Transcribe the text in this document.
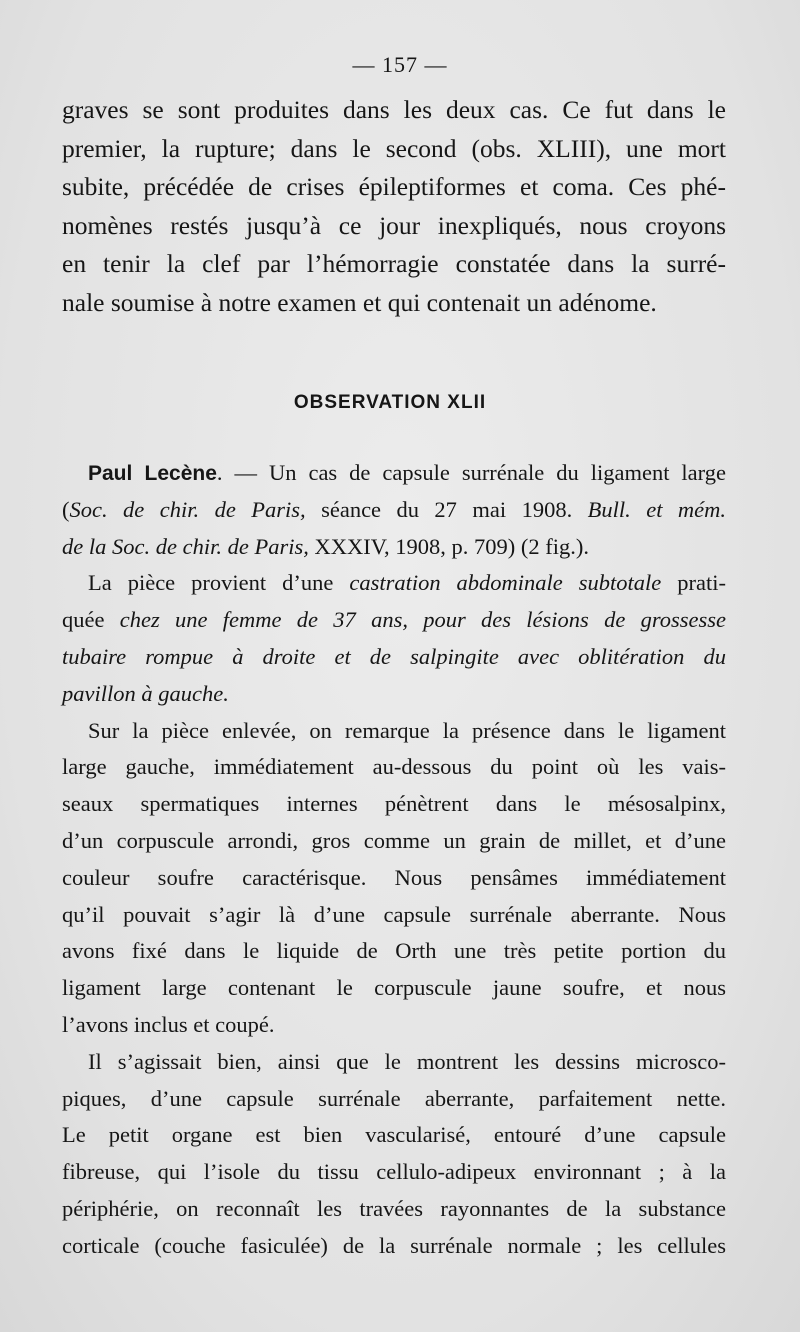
— 157 —
graves se sont produites dans les deux cas. Ce fut dans le
premier, la rupture; dans le second (obs. XLIII), une mort
subite, précédée de crises épileptiformes et coma. Ces phé-
nomènes restés jusqu’à ce jour inexpliqués, nous croyons
en tenir la clef par l’hémorragie constatée dans la surré-
nale soumise à notre examen et qui contenait un adénome.
OBSERVATION XLII
Paul Lecène. — Un cas de capsule surrénale du ligament large
(Soc. de chir. de Paris, séance du 27 mai 1908. Bull. et mém.
de la Soc. de chir. de Paris, XXXIV, 1908, p. 709) (2 fig.).
La pièce provient d’une castration abdominale subtotale prati-
quée chez une femme de 37 ans, pour des lésions de grossesse
tubaire rompue à droite et de salpingite avec oblitération du
pavillon à gauche.
Sur la pièce enlevée, on remarque la présence dans le ligament
large gauche, immédiatement au-dessous du point où les vais-
seaux spermatiques internes pénètrent dans le mésosalpinx,
d’un corpuscule arrondi, gros comme un grain de millet, et d’une
couleur soufre caractérisque. Nous pensâmes immédiatement
qu’il pouvait s’agir là d’une capsule surrénale aberrante. Nous
avons fixé dans le liquide de Orth une très petite portion du
ligament large contenant le corpuscule jaune soufre, et nous
l’avons inclus et coupé.
Il s’agissait bien, ainsi que le montrent les dessins microsco-
piques, d’une capsule surrénale aberrante, parfaitement nette.
Le petit organe est bien vascularisé, entouré d’une capsule
fibreuse, qui l’isole du tissu cellulo-adipeux environnant ; à la
périphérie, on reconnaît les travées rayonnantes de la substance
corticale (couche fasiculée) de la surrénale normale ; les cellules
